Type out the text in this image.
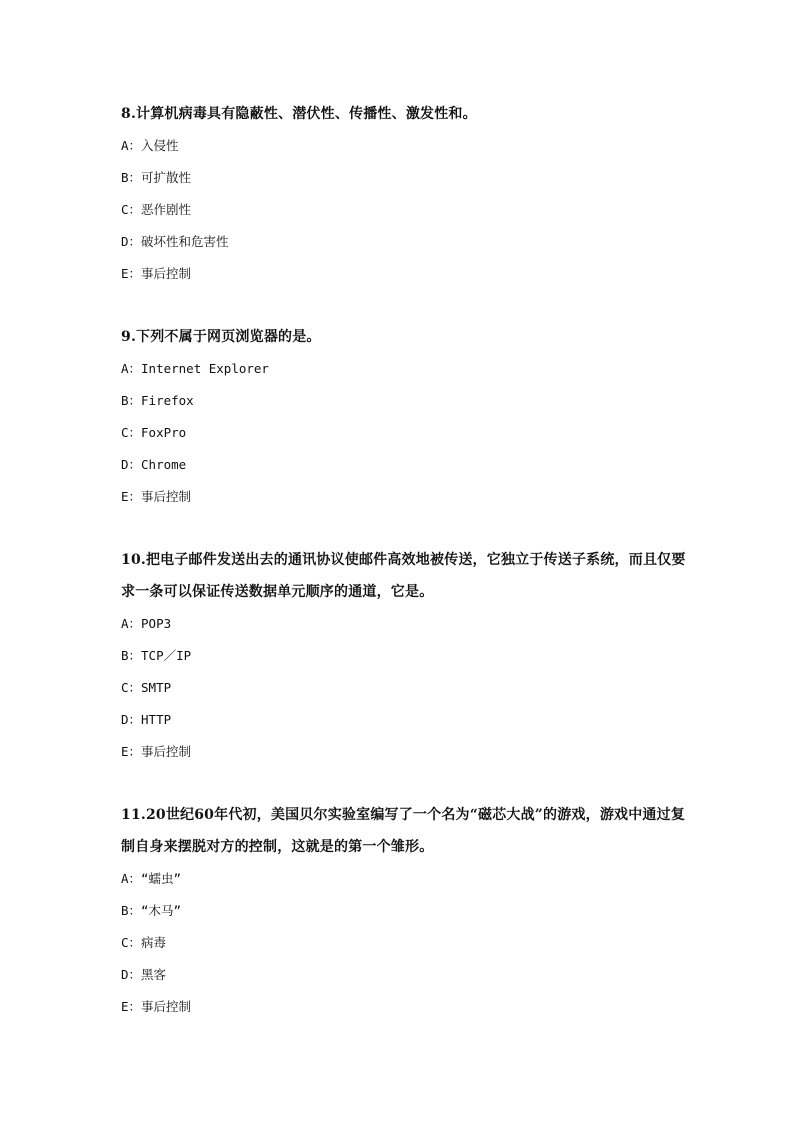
8.计算机病毒具有隐蔽性、潜伏性、传播性、激发性和。

A：入侵性
B：可扩散性
C：恶作剧性
D：破坏性和危害性
E：事后控制

9.下列不属于网页浏览器的是。

A：Internet Explorer
B：Firefox
C：FoxPro
D：Chrome
E：事后控制

10.把电子邮件发送出去的通讯协议使邮件高效地被传送，它独立于传送子系统，而且仅要求一条可以保证传送数据单元顺序的通道，它是。

A：POP3
B：TCP／IP
C：SMTP
D：HTTP
E：事后控制

11.20世纪60年代初，美国贝尔实验室编写了一个名为“磁芯大战”的游戏，游戏中通过复制自身来摆脱对方的控制，这就是的第一个雏形。

A：“蠕虫”
B：“木马”
C：病毒
D：黑客
E：事后控制
